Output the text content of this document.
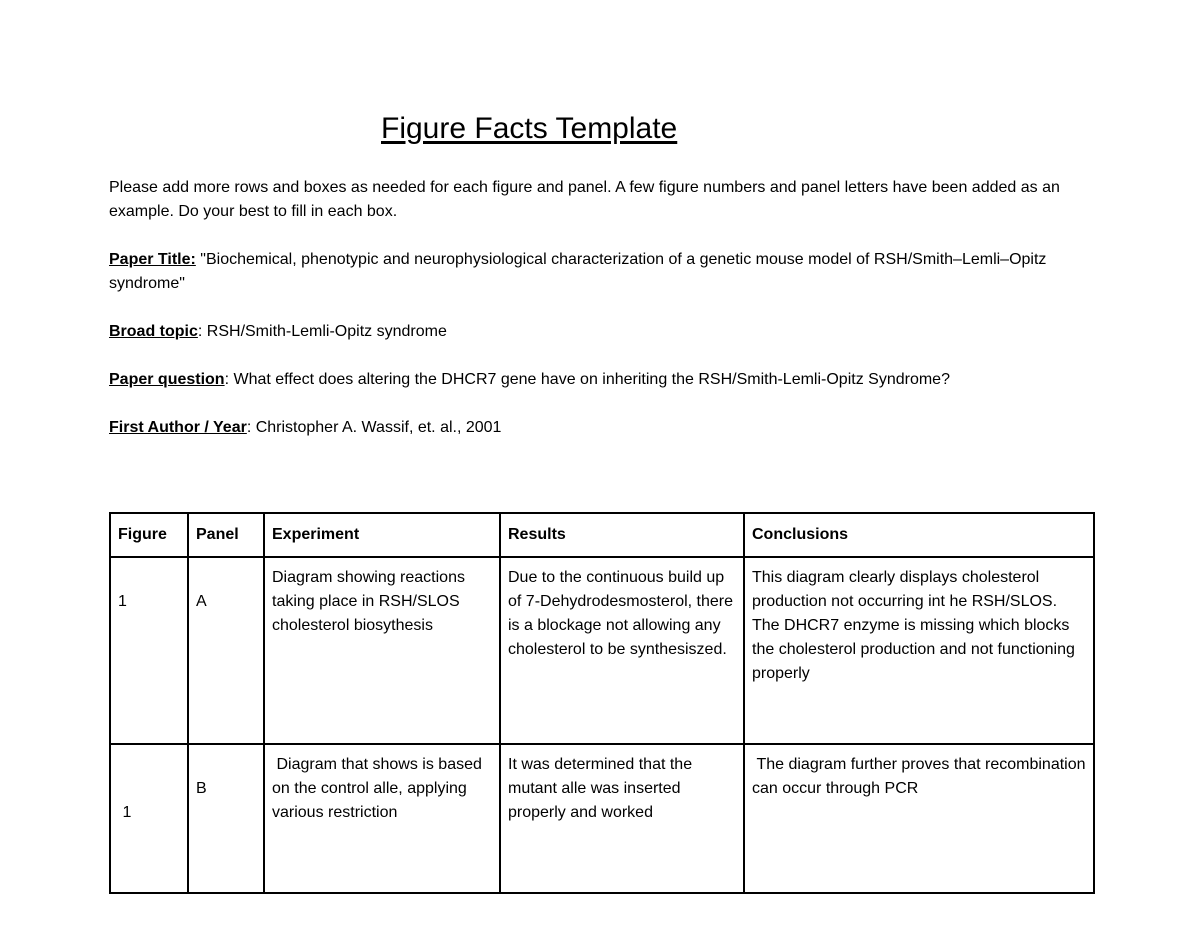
Figure Facts Template

Please add more rows and boxes as needed for each figure and panel. A few figure numbers and panel letters have been added as an example. Do your best to fill in each box.

Paper Title: "Biochemical, phenotypic and neurophysiological characterization of a genetic mouse model of RSH/Smith–Lemli–Opitz syndrome"

Broad topic: RSH/Smith-Lemli-Opitz syndrome

Paper question: What effect does altering the DHCR7 gene have on inheriting the RSH/Smith-Lemli-Opitz Syndrome?

First Author / Year: Christopher A. Wassif, et. al., 2001

Figure	Panel	Experiment	Results	Conclusions
1	A	Diagram showing reactions taking place in RSH/SLOS cholesterol biosythesis	Due to the continuous build up of 7-Dehydrodesmosterol, there is a blockage not allowing any cholesterol to be synthesiszed.	This diagram clearly displays cholesterol production not occurring int he RSH/SLOS. The DHCR7 enzyme is missing which blocks the cholesterol production and not functioning properly
1	B	Diagram that shows is based on the control alle, applying various restriction	It was determined that the mutant alle was inserted properly and worked	The diagram further proves that recombination can occur through PCR
